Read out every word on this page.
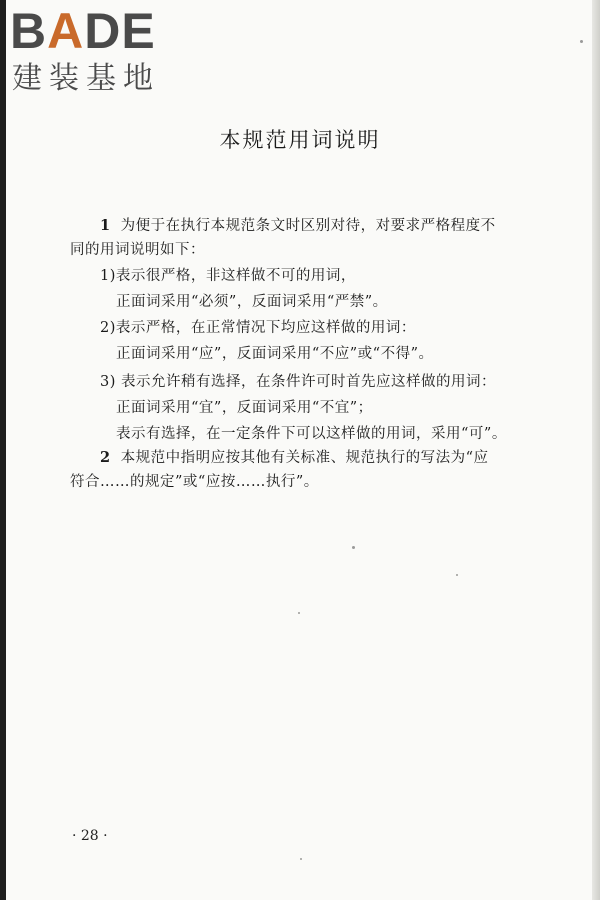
BADE
建装基地
本规范用词说明
1 为便于在执行本规范条文时区别对待，对要求严格程度不
同的用词说明如下：
1)表示很严格，非这样做不可的用词，
正面词采用“必须”，反面词采用“严禁”。
2)表示严格，在正常情况下均应这样做的用词：
正面词采用“应”，反面词采用“不应”或“不得”。
3) 表示允许稍有选择，在条件许可时首先应这样做的用词：
正面词采用“宜”，反面词采用“不宜”；
表示有选择，在一定条件下可以这样做的用词，采用“可”。
2 本规范中指明应按其他有关标准、规范执行的写法为“应
符合……的规定”或“应按……执行”。
· 28 ·
